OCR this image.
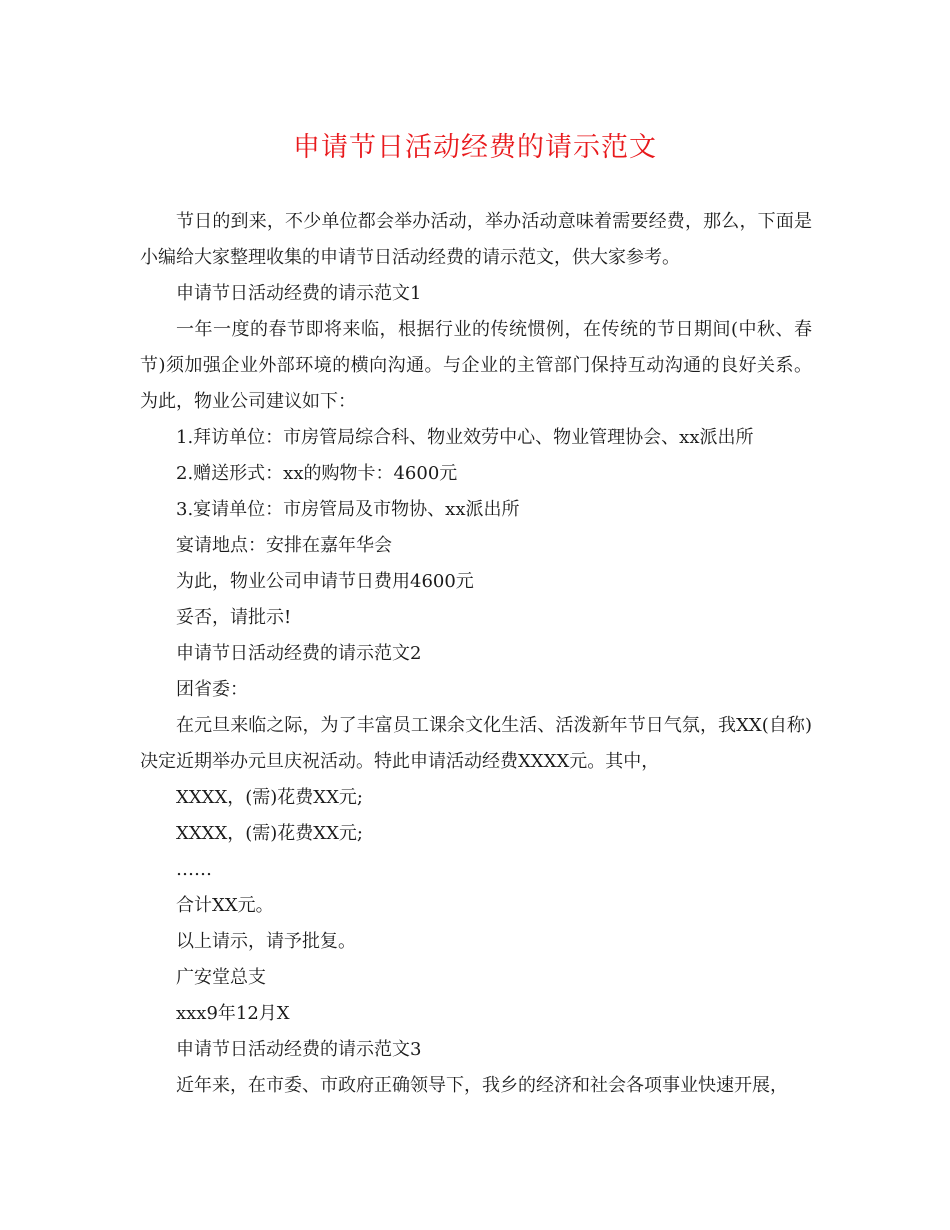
申请节日活动经费的请示范文

节日的到来，不少单位都会举办活动，举办活动意味着需要经费，那么，下面是小编给大家整理收集的申请节日活动经费的请示范文，供大家参考。

申请节日活动经费的请示范文1

一年一度的春节即将来临，根据行业的传统惯例，在传统的节日期间(中秋、春节)须加强企业外部环境的横向沟通。与企业的主管部门保持互动沟通的良好关系。为此，物业公司建议如下：

1.拜访单位：市房管局综合科、物业效劳中心、物业管理协会、xx派出所

2.赠送形式：xx的购物卡：4600元

3.宴请单位：市房管局及市物协、xx派出所

宴请地点：安排在嘉年华会

为此，物业公司申请节日费用4600元

妥否，请批示!

申请节日活动经费的请示范文2

团省委：

在元旦来临之际，为了丰富员工课余文化生活、活泼新年节日气氛，我XX(自称)决定近期举办元旦庆祝活动。特此申请活动经费XXXX元。其中，

XXXX，(需)花费XX元;

XXXX，(需)花费XX元;

……

合计XX元。

以上请示，请予批复。

广安堂总支

xxx9年12月X

申请节日活动经费的请示范文3

近年来，在市委、市政府正确领导下，我乡的经济和社会各项事业快速开展，
